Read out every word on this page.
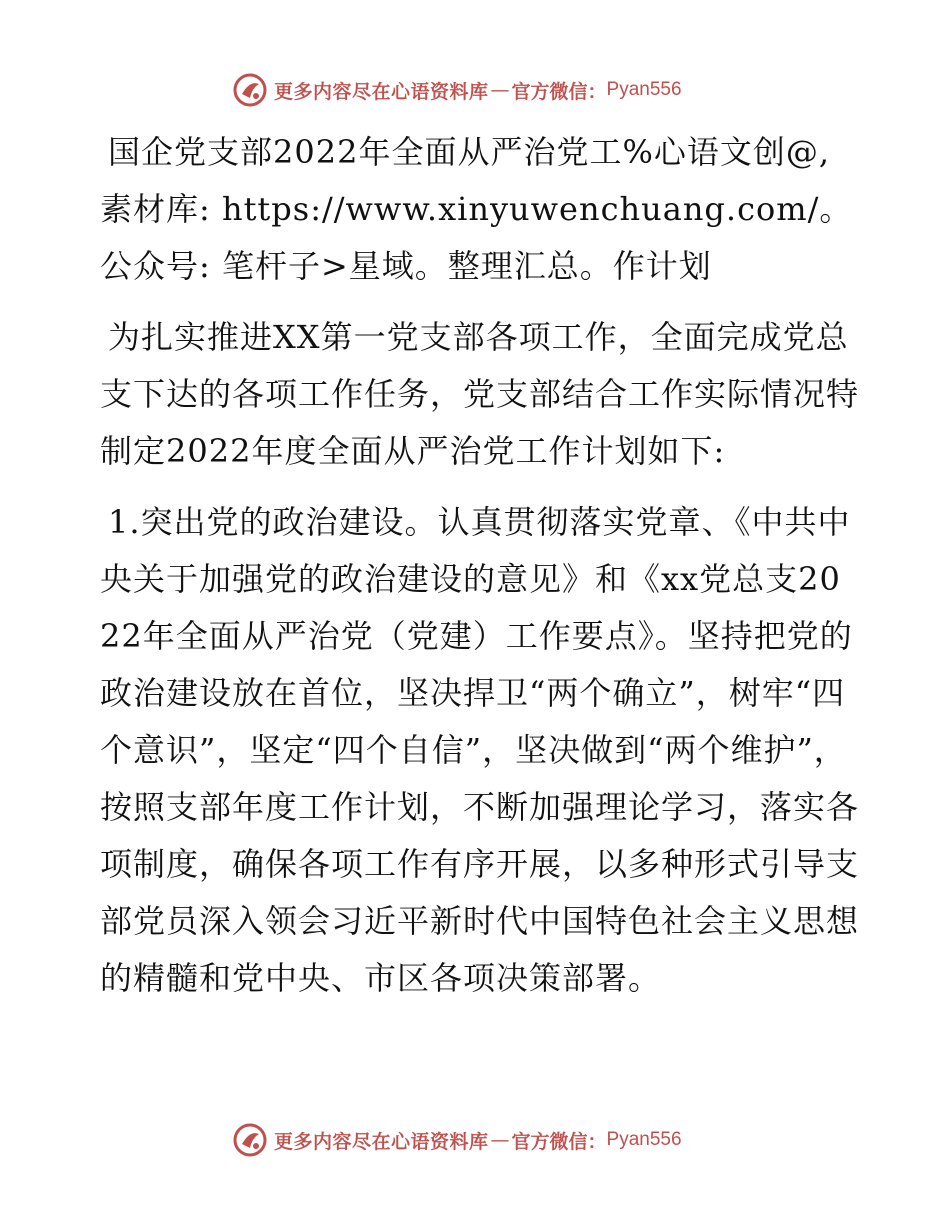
更多内容尽在心语资料库 — 官方微信： Pyan556

国企党支部2022年全面从严治党工%心语文创@,素材库: https://www.xinyuwenchuang.com/。公众号: 笔杆子>星域。整理汇总。作计划

为扎实推进XX第一党支部各项工作，全面完成党总支下达的各项工作任务，党支部结合工作实际情况特制定2022年度全面从严治党工作计划如下:

1.突出党的政治建设。认真贯彻落实党章、《中共中央关于加强党的政治建设的意见》和《xx党总支2022年全面从严治党（党建）工作要点》。坚持把党的政治建设放在首位，坚决捍卫“两个确立”，树牢“四个意识”，坚定“四个自信”，坚决做到“两个维护”，按照支部年度工作计划，不断加强理论学习，落实各项制度，确保各项工作有序开展，以多种形式引导支部党员深入领会习近平新时代中国特色社会主义思想的精髓和党中央、市区各项决策部署。

更多内容尽在心语资料库 — 官方微信： Pyan556
